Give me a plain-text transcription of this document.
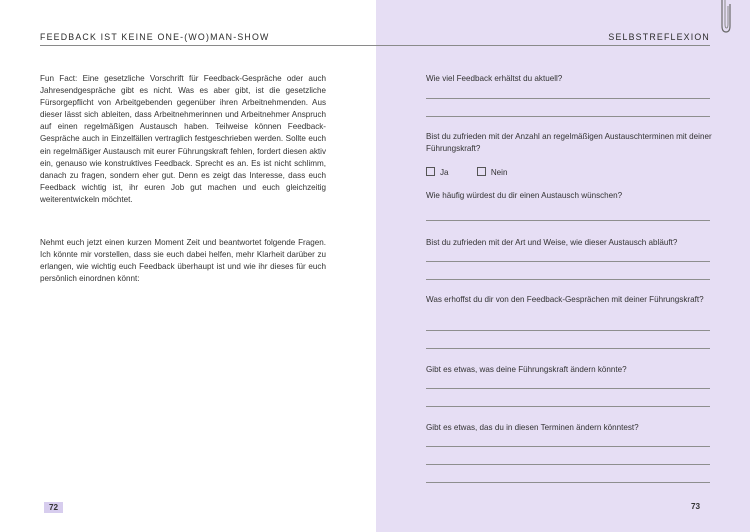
FEEDBACK IST KEINE ONE-(WO)MAN-SHOW	SELBSTREFLEXION
Fun Fact: Eine gesetzliche Vorschrift für Feedback-Gespräche oder auch Jahresendgespräche gibt es nicht. Was es aber gibt, ist die gesetzliche Fürsorgepflicht von Arbeitgebenden gegenüber ihren Arbeitnehmenden. Aus dieser lässt sich ableiten, dass Arbeitnehmerinnen und Arbeitnehmer Anspruch auf einen regelmäßigen Austausch haben. Teilweise können Feedback-Gespräche auch in Einzelfällen vertraglich festgeschrieben werden. Sollte euch ein regelmäßiger Austausch mit eurer Führungskraft fehlen, fordert diesen aktiv ein, genauso wie konstruktives Feedback. Sprecht es an. Es ist nicht schlimm, danach zu fragen, sondern eher gut. Denn es zeigt das Interesse, dass euch Feedback wichtig ist, ihr euren Job gut machen und euch gleichzeitig weiterentwickeln möchtet.
Nehmt euch jetzt einen kurzen Moment Zeit und beantwortet folgende Fragen. Ich könnte mir vorstellen, dass sie euch dabei helfen, mehr Klarheit darüber zu erlangen, wie wichtig euch Feedback überhaupt ist und wie ihr dieses für euch persönlich einordnen könnt:
Wie viel Feedback erhältst du aktuell?
Bist du zufrieden mit der Anzahl an regelmäßigen Austauschterminen mit deiner Führungskraft?
Ja	Nein
Wie häufig würdest du dir einen Austausch wünschen?
Bist du zufrieden mit der Art und Weise, wie dieser Austausch abläuft?
Was erhoffst du dir von den Feedback-Gesprächen mit deiner Führungskraft?
Gibt es etwas, was deine Führungskraft ändern könnte?
Gibt es etwas, das du in diesen Terminen ändern könntest?
72	73
